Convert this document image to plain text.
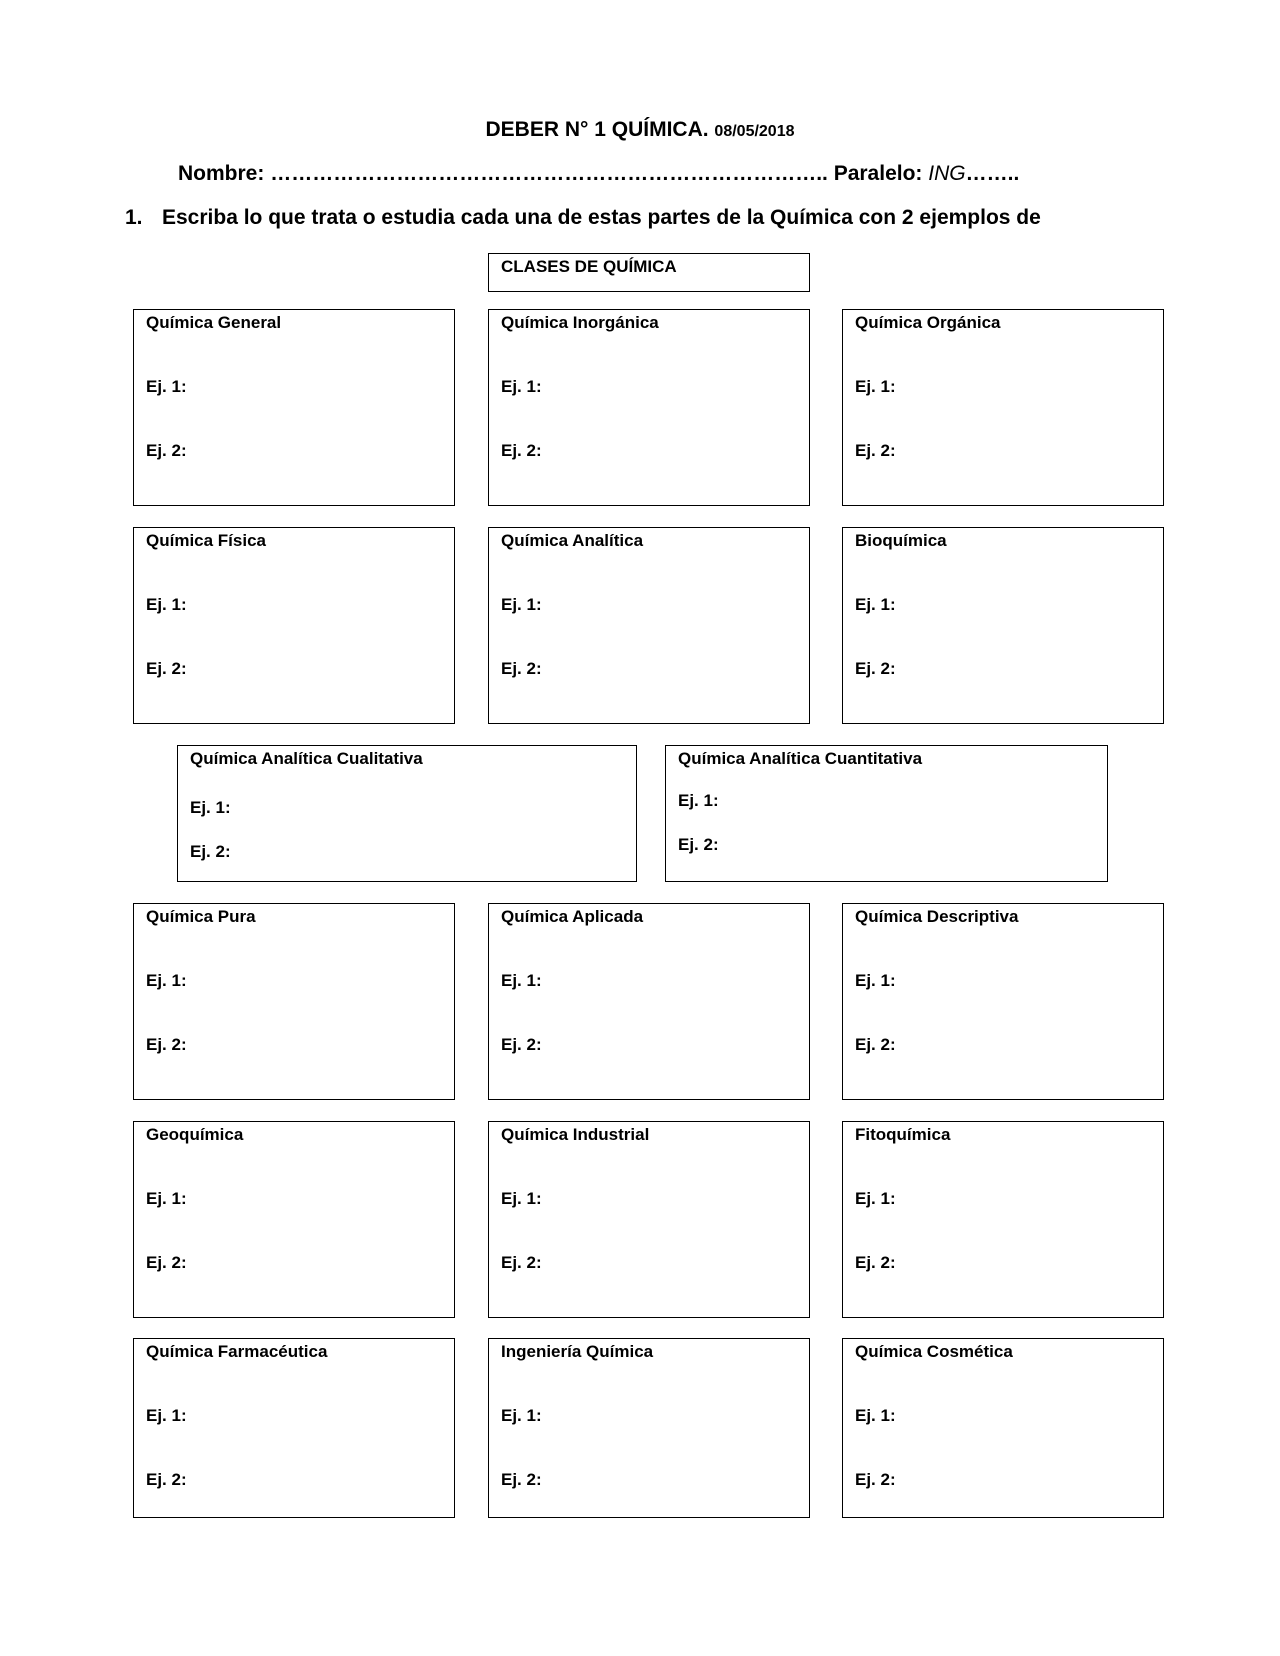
DEBER N° 1 QUÍMICA. 08/05/2018
Nombre: …………………………………………………………………….. Paralelo: ING……..
1. Escriba lo que trata o estudia cada una de estas partes de la Química con 2 ejemplos de
CLASES DE QUÍMICA
Química General
Ej. 1:
Ej. 2:
Química Inorgánica
Ej. 1:
Ej. 2:
Química Orgánica
Ej. 1:
Ej. 2:
Química Física
Ej. 1:
Ej. 2:
Química Analítica
Ej. 1:
Ej. 2:
Bioquímica
Ej. 1:
Ej. 2:
Química Analítica Cualitativa
Ej. 1:
Ej. 2:
Química Analítica Cuantitativa
Ej. 1:
Ej. 2:
Química Pura
Ej. 1:
Ej. 2:
Química Aplicada
Ej. 1:
Ej. 2:
Química Descriptiva
Ej. 1:
Ej. 2:
Geoquímica
Ej. 1:
Ej. 2:
Química Industrial
Ej. 1:
Ej. 2:
Fitoquímica
Ej. 1:
Ej. 2:
Química Farmacéutica
Ej. 1:
Ej. 2:
Ingeniería Química
Ej. 1:
Ej. 2:
Química Cosmética
Ej. 1:
Ej. 2:
